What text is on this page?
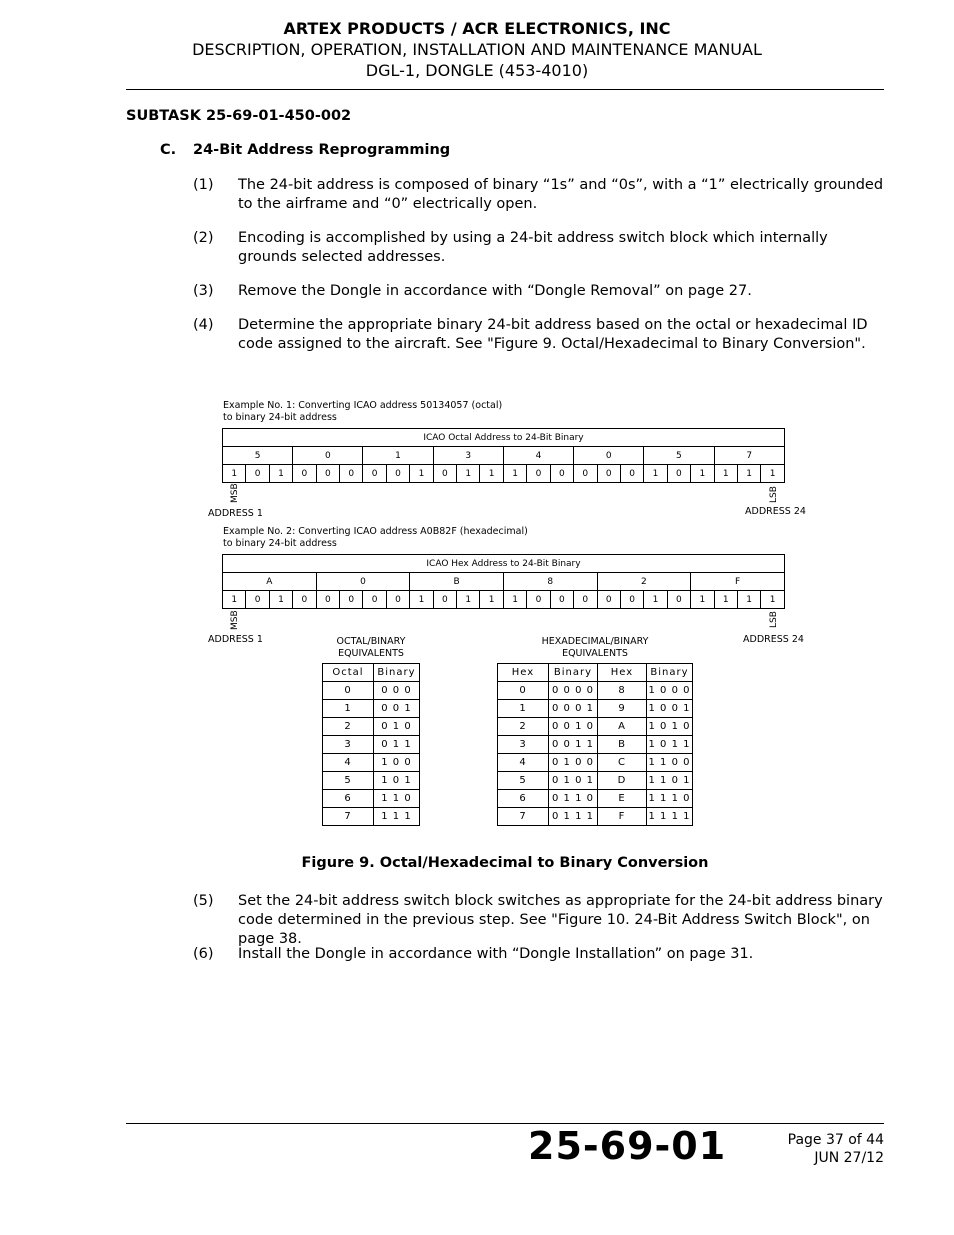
ARTEX PRODUCTS / ACR ELECTRONICS, INC
DESCRIPTION, OPERATION, INSTALLATION AND MAINTENANCE MANUAL
DGL-1, DONGLE (453-4010)
SUBTASK 25-69-01-450-002
C. 24-Bit Address Reprogramming
(1) The 24-bit address is composed of binary “1s” and “0s”, with a “1” electrically grounded to the airframe and “0” electrically open.
(2) Encoding is accomplished by using a 24-bit address switch block which internally grounds selected addresses.
(3) Remove the Dongle in accordance with “Dongle Removal” on page 27.
(4) Determine the appropriate binary 24-bit address based on the octal or hexadecimal ID code assigned to the aircraft. See "Figure 9. Octal/Hexadecimal to Binary Conversion".
Example No. 1: Converting ICAO address 50134057 (octal) to binary 24-bit address
ICAO Octal Address to 24-Bit Binary																							
5			0			1			3			4			0			5			7		
1	0	1	0	0	0	0	0	1	0	1	1	1	0	0	0	0	0	1	0	1	1	1	1
MSB	LSB
ADDRESS 1	ADDRESS 24
Example No. 2: Converting ICAO address A0B82F (hexadecimal) to binary 24-bit address
ICAO Hex Address to 24-Bit Binary																							
A				0				B				8				2				F			
1	0	1	0	0	0	0	0	1	0	1	1	1	0	0	0	0	0	1	0	1	1	1	1
MSB	LSB
ADDRESS 1	ADDRESS 24
OCTAL/BINARY EQUIVALENTS
Octal	Binary
0	0 0 0
1	0 0 1
2	0 1 0
3	0 1 1
4	1 0 0
5	1 0 1
6	1 1 0
7	1 1 1
HEXADECIMAL/BINARY EQUIVALENTS
Hex	Binary	Hex	Binary
0	0 0 0 0	8	1 0 0 0
1	0 0 0 1	9	1 0 0 1
2	0 0 1 0	A	1 0 1 0
3	0 0 1 1	B	1 0 1 1
4	0 1 0 0	C	1 1 0 0
5	0 1 0 1	D	1 1 0 1
6	0 1 1 0	E	1 1 1 0
7	0 1 1 1	F	1 1 1 1
Figure 9. Octal/Hexadecimal to Binary Conversion
(5) Set the 24-bit address switch block switches as appropriate for the 24-bit address binary code determined in the previous step. See "Figure 10. 24-Bit Address Switch Block", on page 38.
(6) Install the Dongle in accordance with “Dongle Installation” on page 31.
25-69-01	Page 37 of 44
JUN 27/12
